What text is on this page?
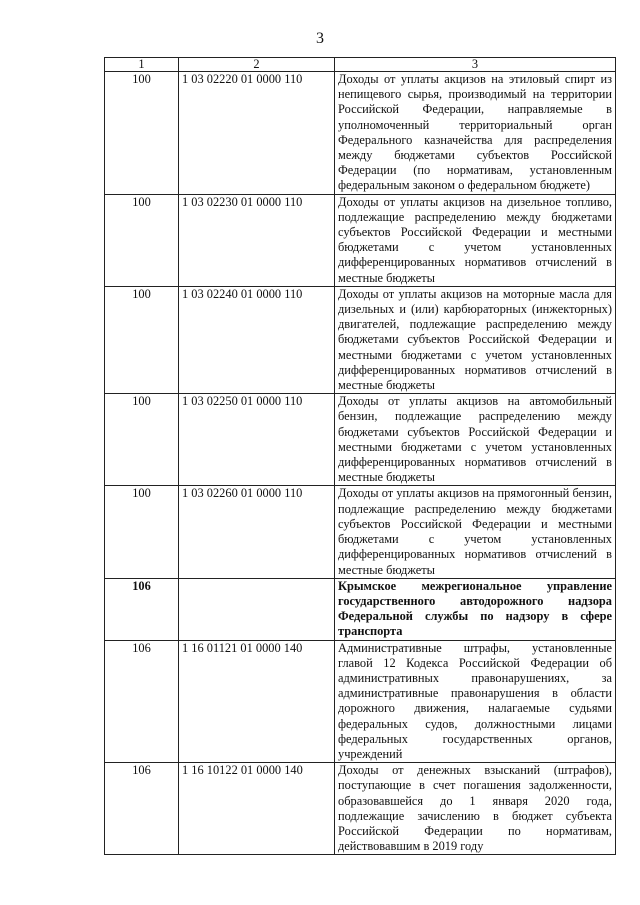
3
1	2	3
100	1 03 02220 01 0000 110	Доходы от уплаты акцизов на этиловый спирт из непищевого сырья, производимый на территории Российской Федерации, направляемые в уполномоченный территориальный орган Федерального казначейства для распределения между бюджетами субъектов Российской Федерации (по нормативам, установленным федеральным законом о федеральном бюджете)
100	1 03 02230 01 0000 110	Доходы от уплаты акцизов на дизельное топливо, подлежащие распределению между бюджетами субъектов Российской Федерации и местными бюджетами с учетом установленных дифференцированных нормативов отчислений в местные бюджеты
100	1 03 02240 01 0000 110	Доходы от уплаты акцизов на моторные масла для дизельных и (или) карбюраторных (инжекторных) двигателей, подлежащие распределению между бюджетами субъектов Российской Федерации и местными бюджетами с учетом установленных дифференцированных нормативов отчислений в местные бюджеты
100	1 03 02250 01 0000 110	Доходы от уплаты акцизов на автомобильный бензин, подлежащие распределению между бюджетами субъектов Российской Федерации и местными бюджетами с учетом установленных дифференцированных нормативов отчислений в местные бюджеты
100	1 03 02260 01 0000 110	Доходы от уплаты акцизов на прямогонный бензин, подлежащие распределению между бюджетами субъектов Российской Федерации и местными бюджетами с учетом установленных дифференцированных нормативов отчислений в местные бюджеты
106		Крымское межрегиональное управление государственного автодорожного надзора Федеральной службы по надзору в сфере транспорта
106	1 16 01121 01 0000 140	Административные штрафы, установленные главой 12 Кодекса Российской Федерации об административных правонарушениях, за административные правонарушения в области дорожного движения, налагаемые судьями федеральных судов, должностными лицами федеральных государственных органов, учреждений
106	1 16 10122 01 0000 140	Доходы от денежных взысканий (штрафов), поступающие в счет погашения задолженности, образовавшейся до 1 января 2020 года, подлежащие зачислению в бюджет субъекта Российской Федерации по нормативам, действовавшим в 2019 году
